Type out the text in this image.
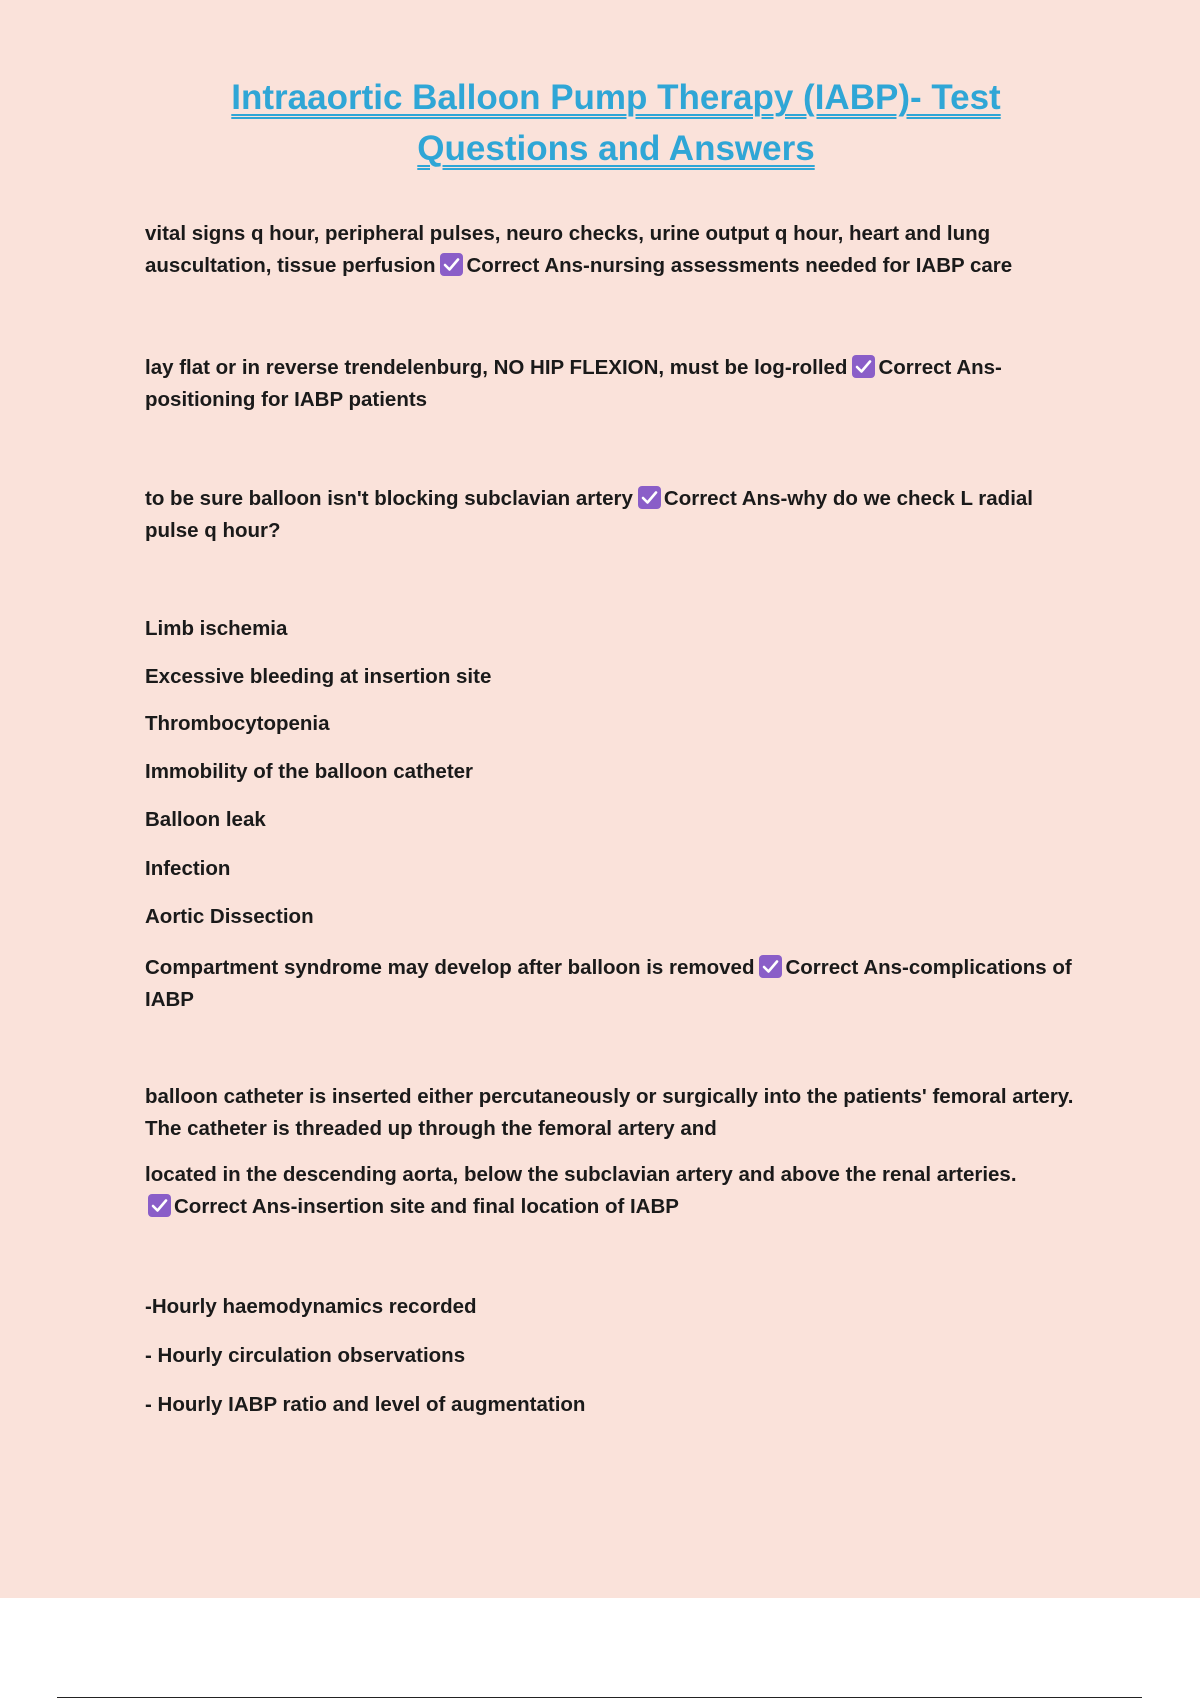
Intraaortic Balloon Pump Therapy (IABP)- Test Questions and Answers

vital signs q hour, peripheral pulses, neuro checks, urine output q hour, heart and lung auscultation, tissue perfusion Correct Ans-nursing assessments needed for IABP care

lay flat or in reverse trendelenburg, NO HIP FLEXION, must be log-rolled Correct Ans-positioning for IABP patients

to be sure balloon isn't blocking subclavian artery Correct Ans-why do we check L radial pulse q hour?

Limb ischemia

Excessive bleeding at insertion site

Thrombocytopenia

Immobility of the balloon catheter

Balloon leak

Infection

Aortic Dissection

Compartment syndrome may develop after balloon is removed Correct Ans-complications of IABP

balloon catheter is inserted either percutaneously or surgically into the patients' femoral artery. The catheter is threaded up through the femoral artery and

located in the descending aorta, below the subclavian artery and above the renal arteries.

Correct Ans-insertion site and final location of IABP

-Hourly haemodynamics recorded

- Hourly circulation observations

- Hourly IABP ratio and level of augmentation
